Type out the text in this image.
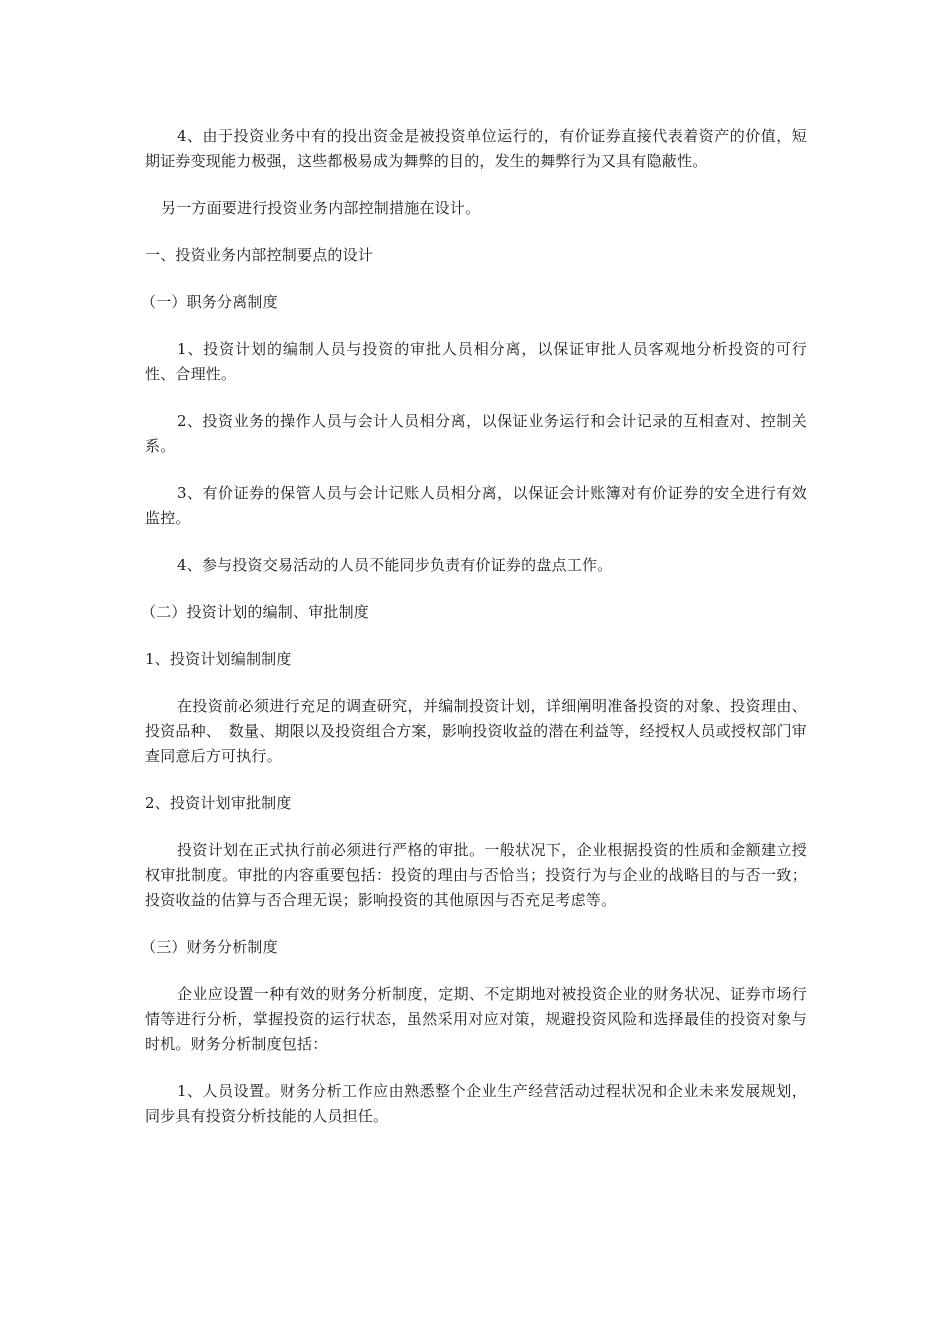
4、由于投资业务中有的投出资金是被投资单位运行的，有价证券直接代表着资产的价值，短期证券变现能力极强，这些都极易成为舞弊的目的，发生的舞弊行为又具有隐蔽性。

另一方面要进行投资业务内部控制措施在设计。

一、投资业务内部控制要点的设计

（一）职务分离制度

1、投资计划的编制人员与投资的审批人员相分离，以保证审批人员客观地分析投资的可行性、合理性。

2、投资业务的操作人员与会计人员相分离，以保证业务运行和会计记录的互相查对、控制关系。

3、有价证券的保管人员与会计记账人员相分离，以保证会计账簿对有价证券的安全进行有效监控。

4、参与投资交易活动的人员不能同步负责有价证券的盘点工作。

（二）投资计划的编制、审批制度

1、投资计划编制制度

在投资前必须进行充足的调查研究，并编制投资计划，详细阐明准备投资的对象、投资理由、投资品种、　数量、期限以及投资组合方案，影响投资收益的潜在利益等，经授权人员或授权部门审查同意后方可执行。

2、投资计划审批制度

投资计划在正式执行前必须进行严格的审批。一般状况下，企业根据投资的性质和金额建立授权审批制度。审批的内容重要包括：投资的理由与否恰当；投资行为与企业的战略目的与否一致；投资收益的估算与否合理无误；影响投资的其他原因与否充足考虑等。

（三）财务分析制度

企业应设置一种有效的财务分析制度，定期、不定期地对被投资企业的财务状况、证券市场行情等进行分析，掌握投资的运行状态，虽然采用对应对策，规避投资风险和选择最佳的投资对象与时机。财务分析制度包括：

1、人员设置。财务分析工作应由熟悉整个企业生产经营活动过程状况和企业未来发展规划，同步具有投资分析技能的人员担任。
